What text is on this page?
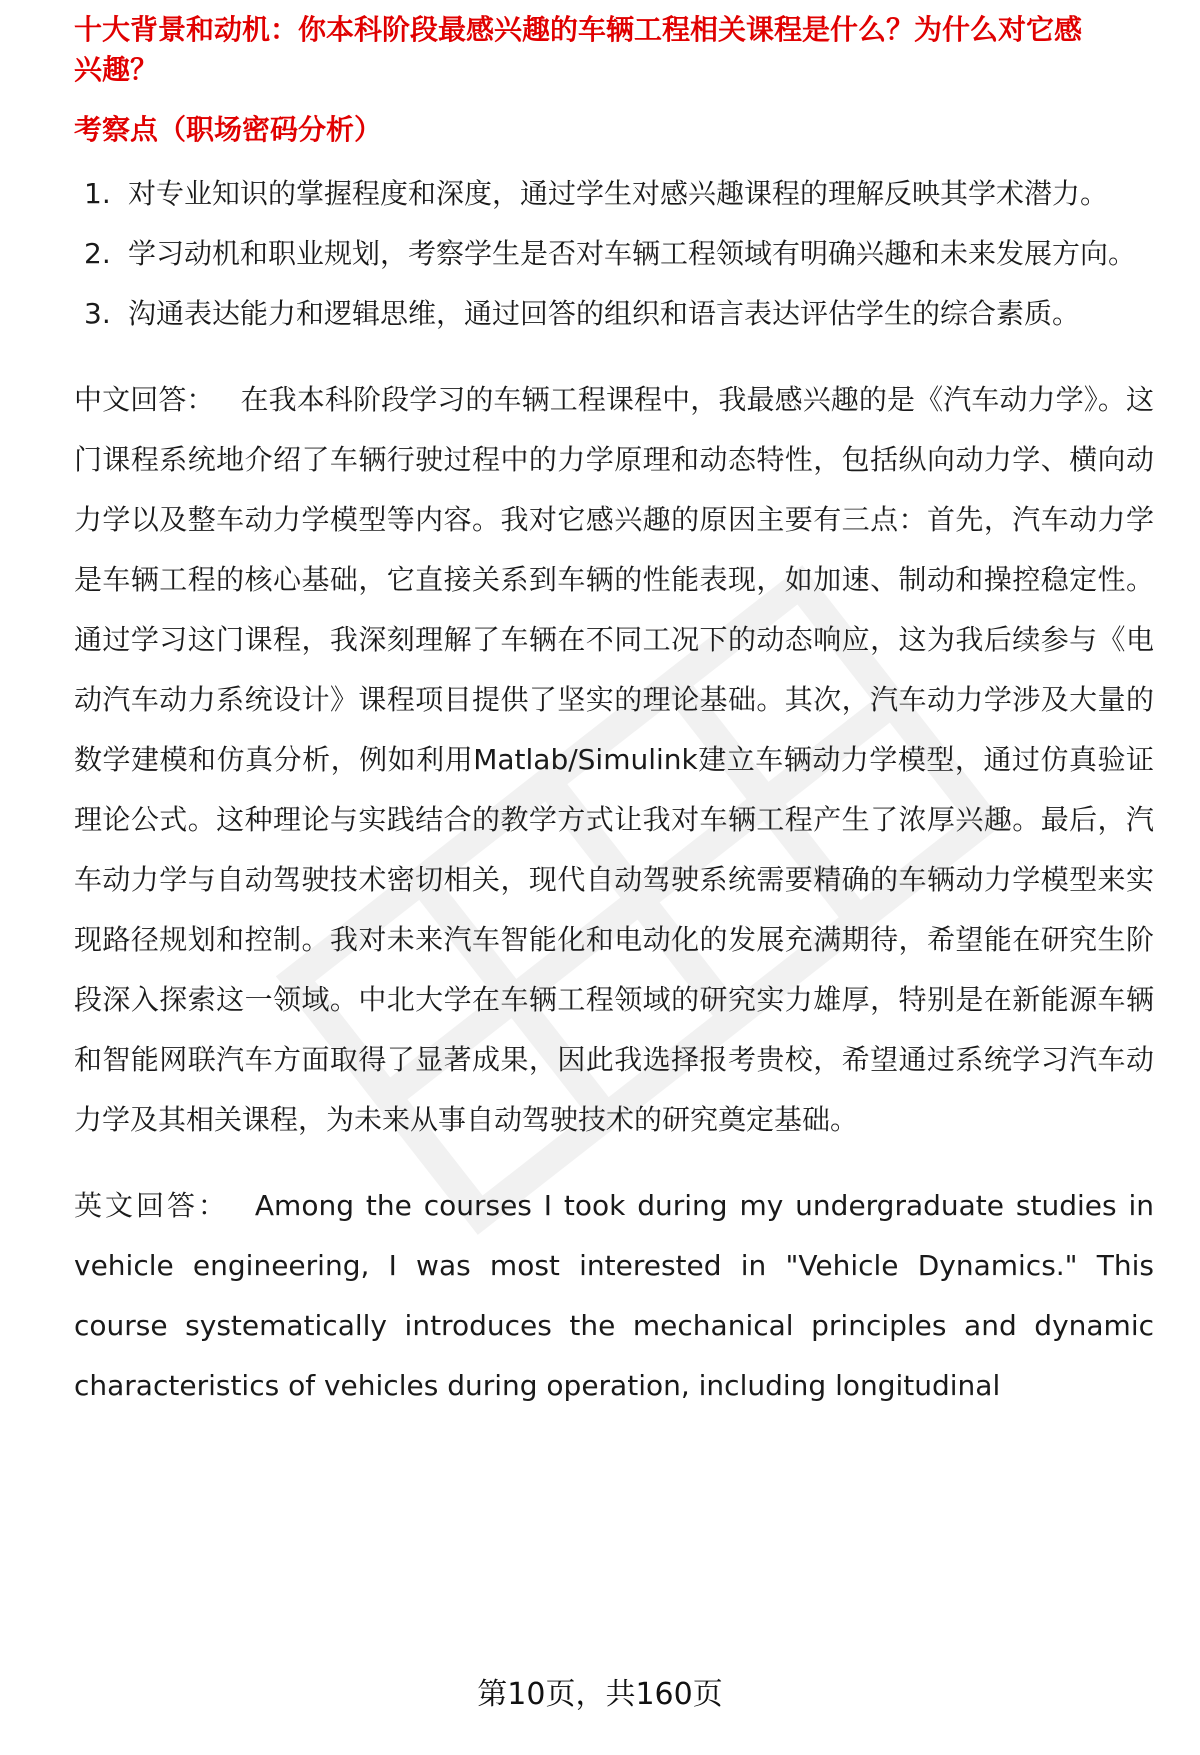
十大背景和动机：你本科阶段最感兴趣的车辆工程相关课程是什么？为什么对它感
兴趣？
考察点（职场密码分析）
1. 对专业知识的掌握程度和深度，通过学生对感兴趣课程的理解反映其学术潜力。
2. 学习动机和职业规划，考察学生是否对车辆工程领域有明确兴趣和未来发展方向。
3. 沟通表达能力和逻辑思维，通过回答的组织和语言表达评估学生的综合素质。

中文回答： 在我本科阶段学习的车辆工程课程中，我最感兴趣的是《汽车动力学》。这门课程系统地介绍了车辆行驶过程中的力学原理和动态特性，包括纵向动力学、横向动力学以及整车动力学模型等内容。我对它感兴趣的原因主要有三点：首先，汽车动力学是车辆工程的核心基础，它直接关系到车辆的性能表现，如加速、制动和操控稳定性。通过学习这门课程，我深刻理解了车辆在不同工况下的动态响应，这为我后续参与《电动汽车动力系统设计》课程项目提供了坚实的理论基础。其次，汽车动力学涉及大量的数学建模和仿真分析，例如利用Matlab/Simulink建立车辆动力学模型，通过仿真验证理论公式。这种理论与实践结合的教学方式让我对车辆工程产生了浓厚兴趣。最后，汽车动力学与自动驾驶技术密切相关，现代自动驾驶系统需要精确的车辆动力学模型来实现路径规划和控制。我对未来汽车智能化和电动化的发展充满期待，希望能在研究生阶段深入探索这一领域。中北大学在车辆工程领域的研究实力雄厚，特别是在新能源车辆和智能网联汽车方面取得了显著成果，因此我选择报考贵校，希望通过系统学习汽车动力学及其相关课程，为未来从事自动驾驶技术的研究奠定基础。

英文回答： Among the courses I took during my undergraduate studies in vehicle engineering, I was most interested in "Vehicle Dynamics." This course systematically introduces the mechanical principles and dynamic characteristics of vehicles during operation, including longitudinal

第10页，共160页
